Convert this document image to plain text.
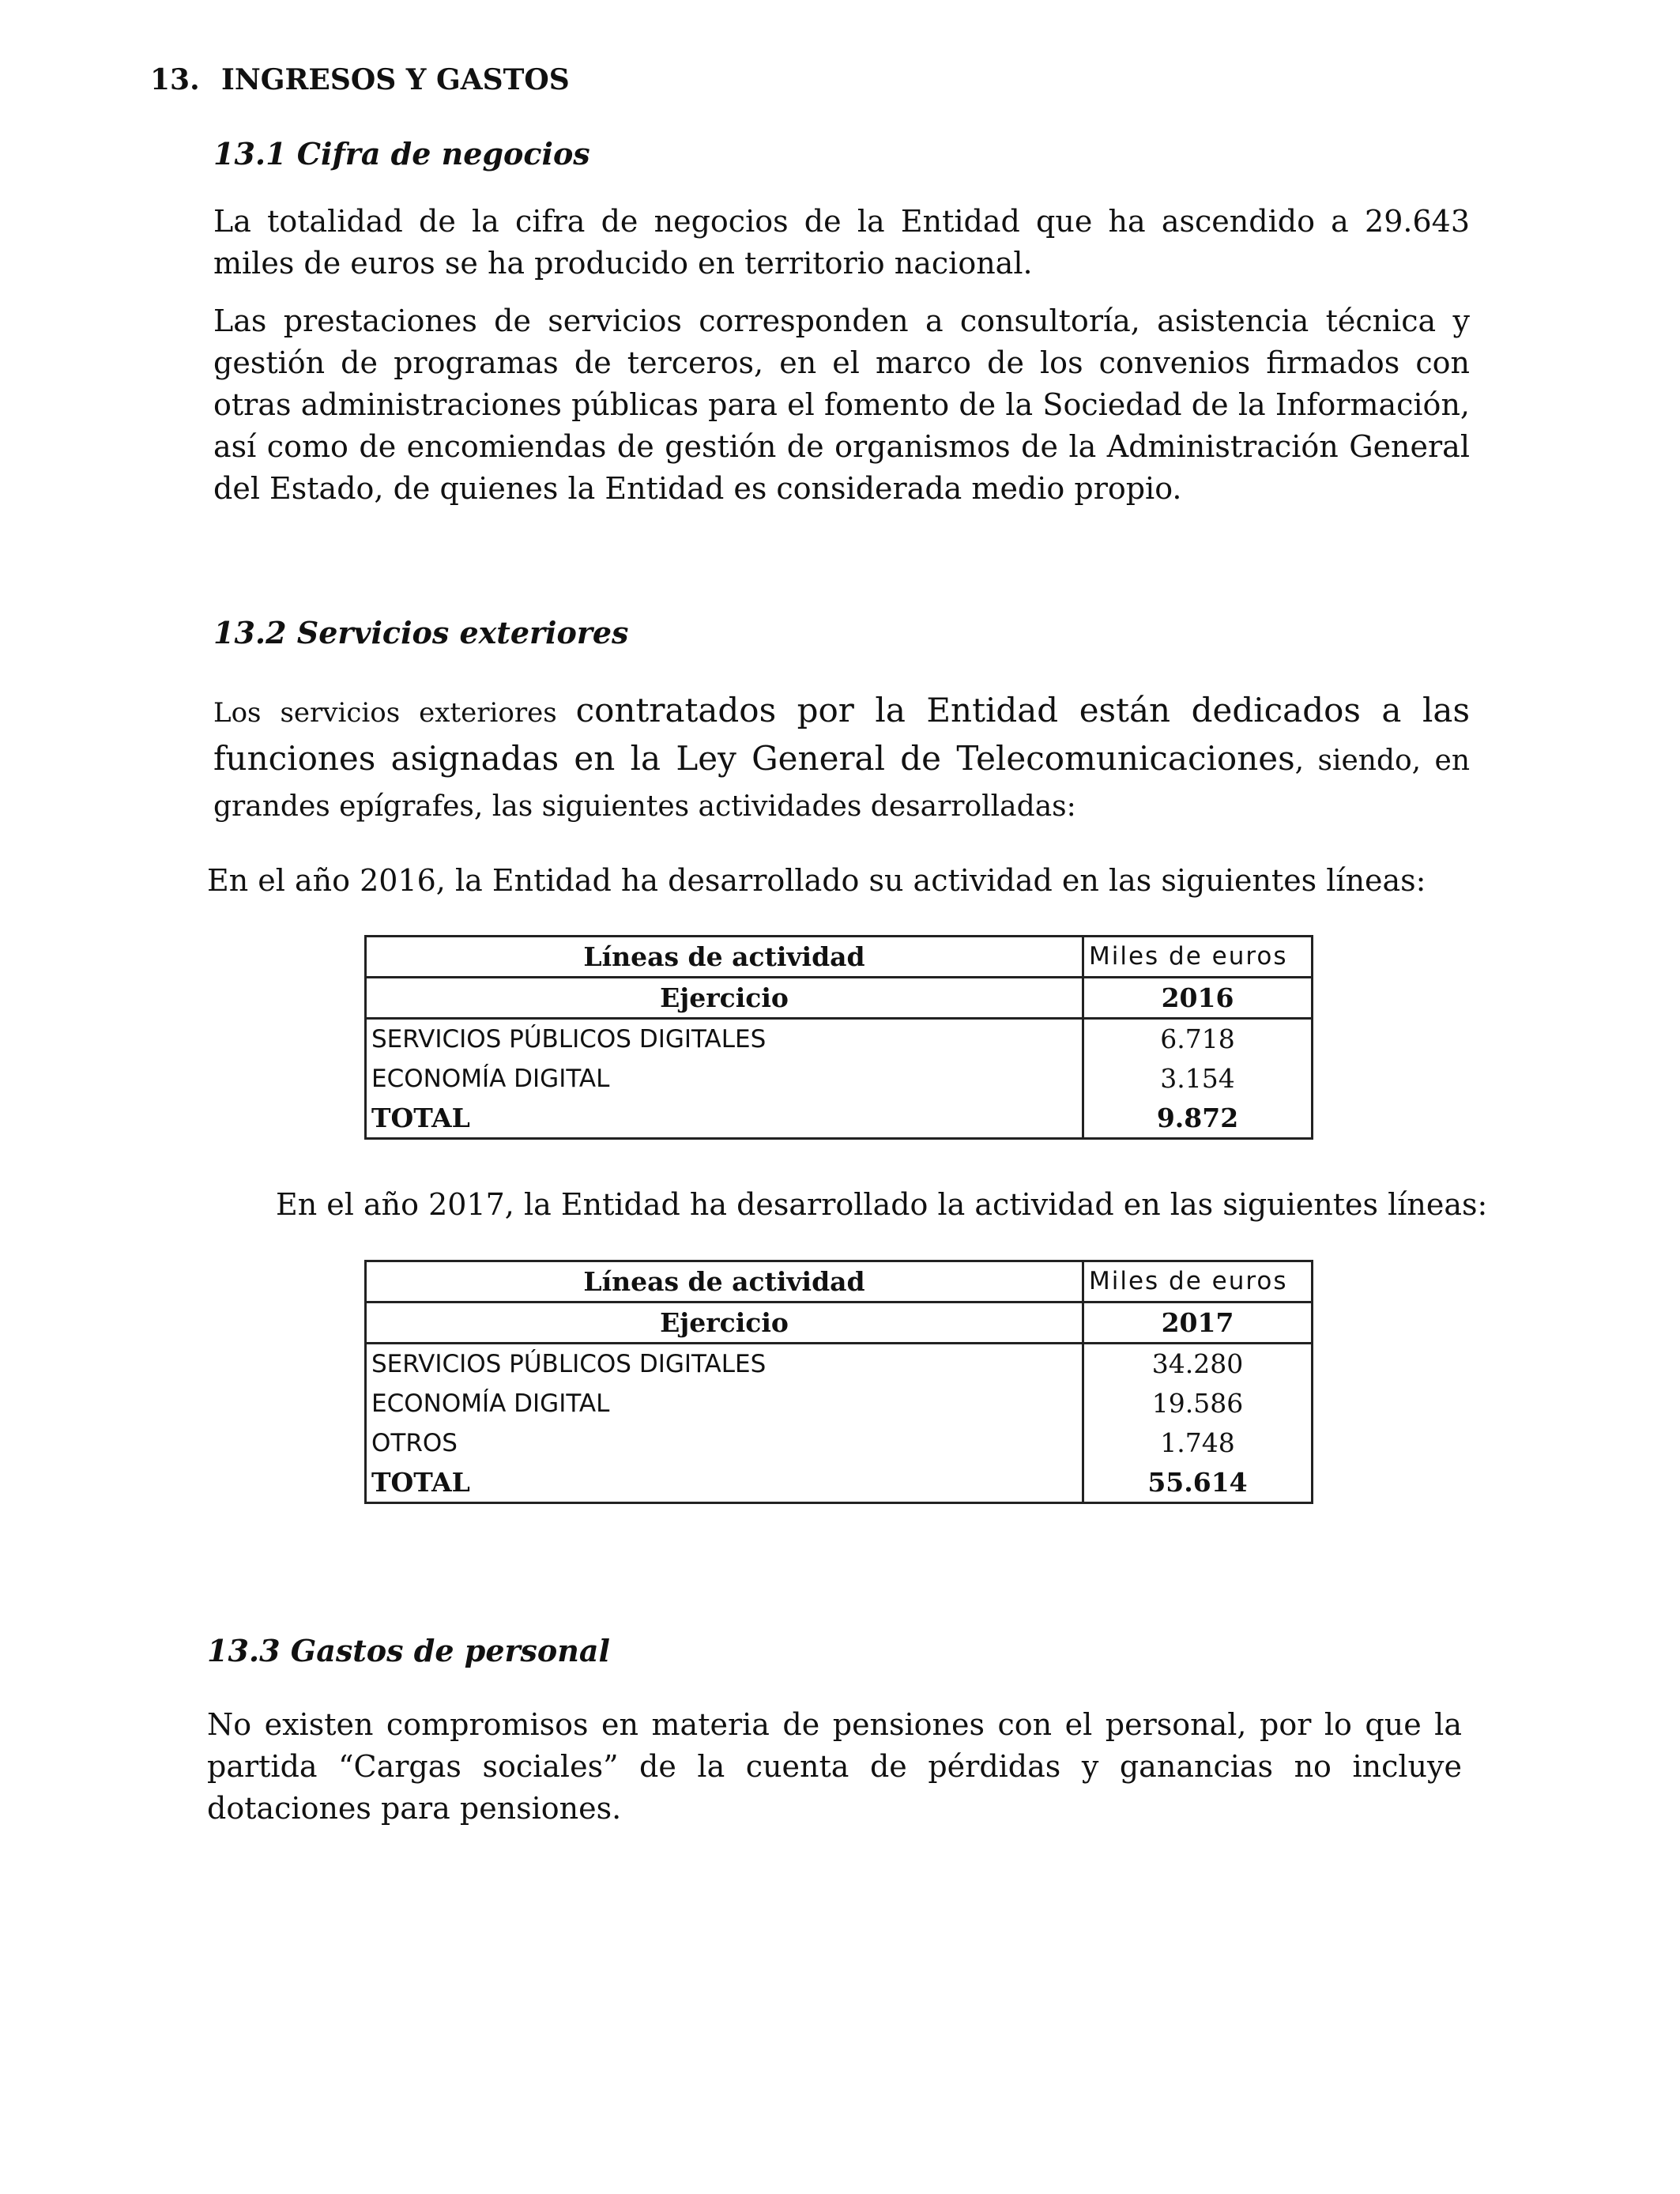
13. INGRESOS Y GASTOS
13.1 Cifra de negocios

La totalidad de la cifra de negocios de la Entidad que ha ascendido a 29.643 miles de euros se ha producido en territorio nacional.

Las prestaciones de servicios corresponden a consultoría, asistencia técnica y gestión de programas de terceros, en el marco de los convenios firmados con otras administraciones públicas para el fomento de la Sociedad de la Información, así como de encomiendas de gestión de organismos de la Administración General del Estado, de quienes la Entidad es considerada medio propio.

13.2 Servicios exteriores

Los servicios exteriores contratados por la Entidad están dedicados a las funciones asignadas en la Ley General de Telecomunicaciones, siendo, en grandes epígrafes, las siguientes actividades desarrolladas:

En el año 2016, la Entidad ha desarrollado su actividad en las siguientes líneas:
Líneas de actividad	Miles de euros
Ejercicio	2016
SERVICIOS PÚBLICOS DIGITALES	6.718
ECONOMÍA DIGITAL	3.154
TOTAL	9.872
En el año 2017, la Entidad ha desarrollado la actividad en las siguientes líneas:
Líneas de actividad	Miles de euros
Ejercicio	2017
SERVICIOS PÚBLICOS DIGITALES	34.280
ECONOMÍA DIGITAL	19.586
OTROS	1.748
TOTAL	55.614
13.3 Gastos de personal

No existen compromisos en materia de pensiones con el personal, por lo que la partida “Cargas sociales” de la cuenta de pérdidas y ganancias no incluye dotaciones para pensiones.
